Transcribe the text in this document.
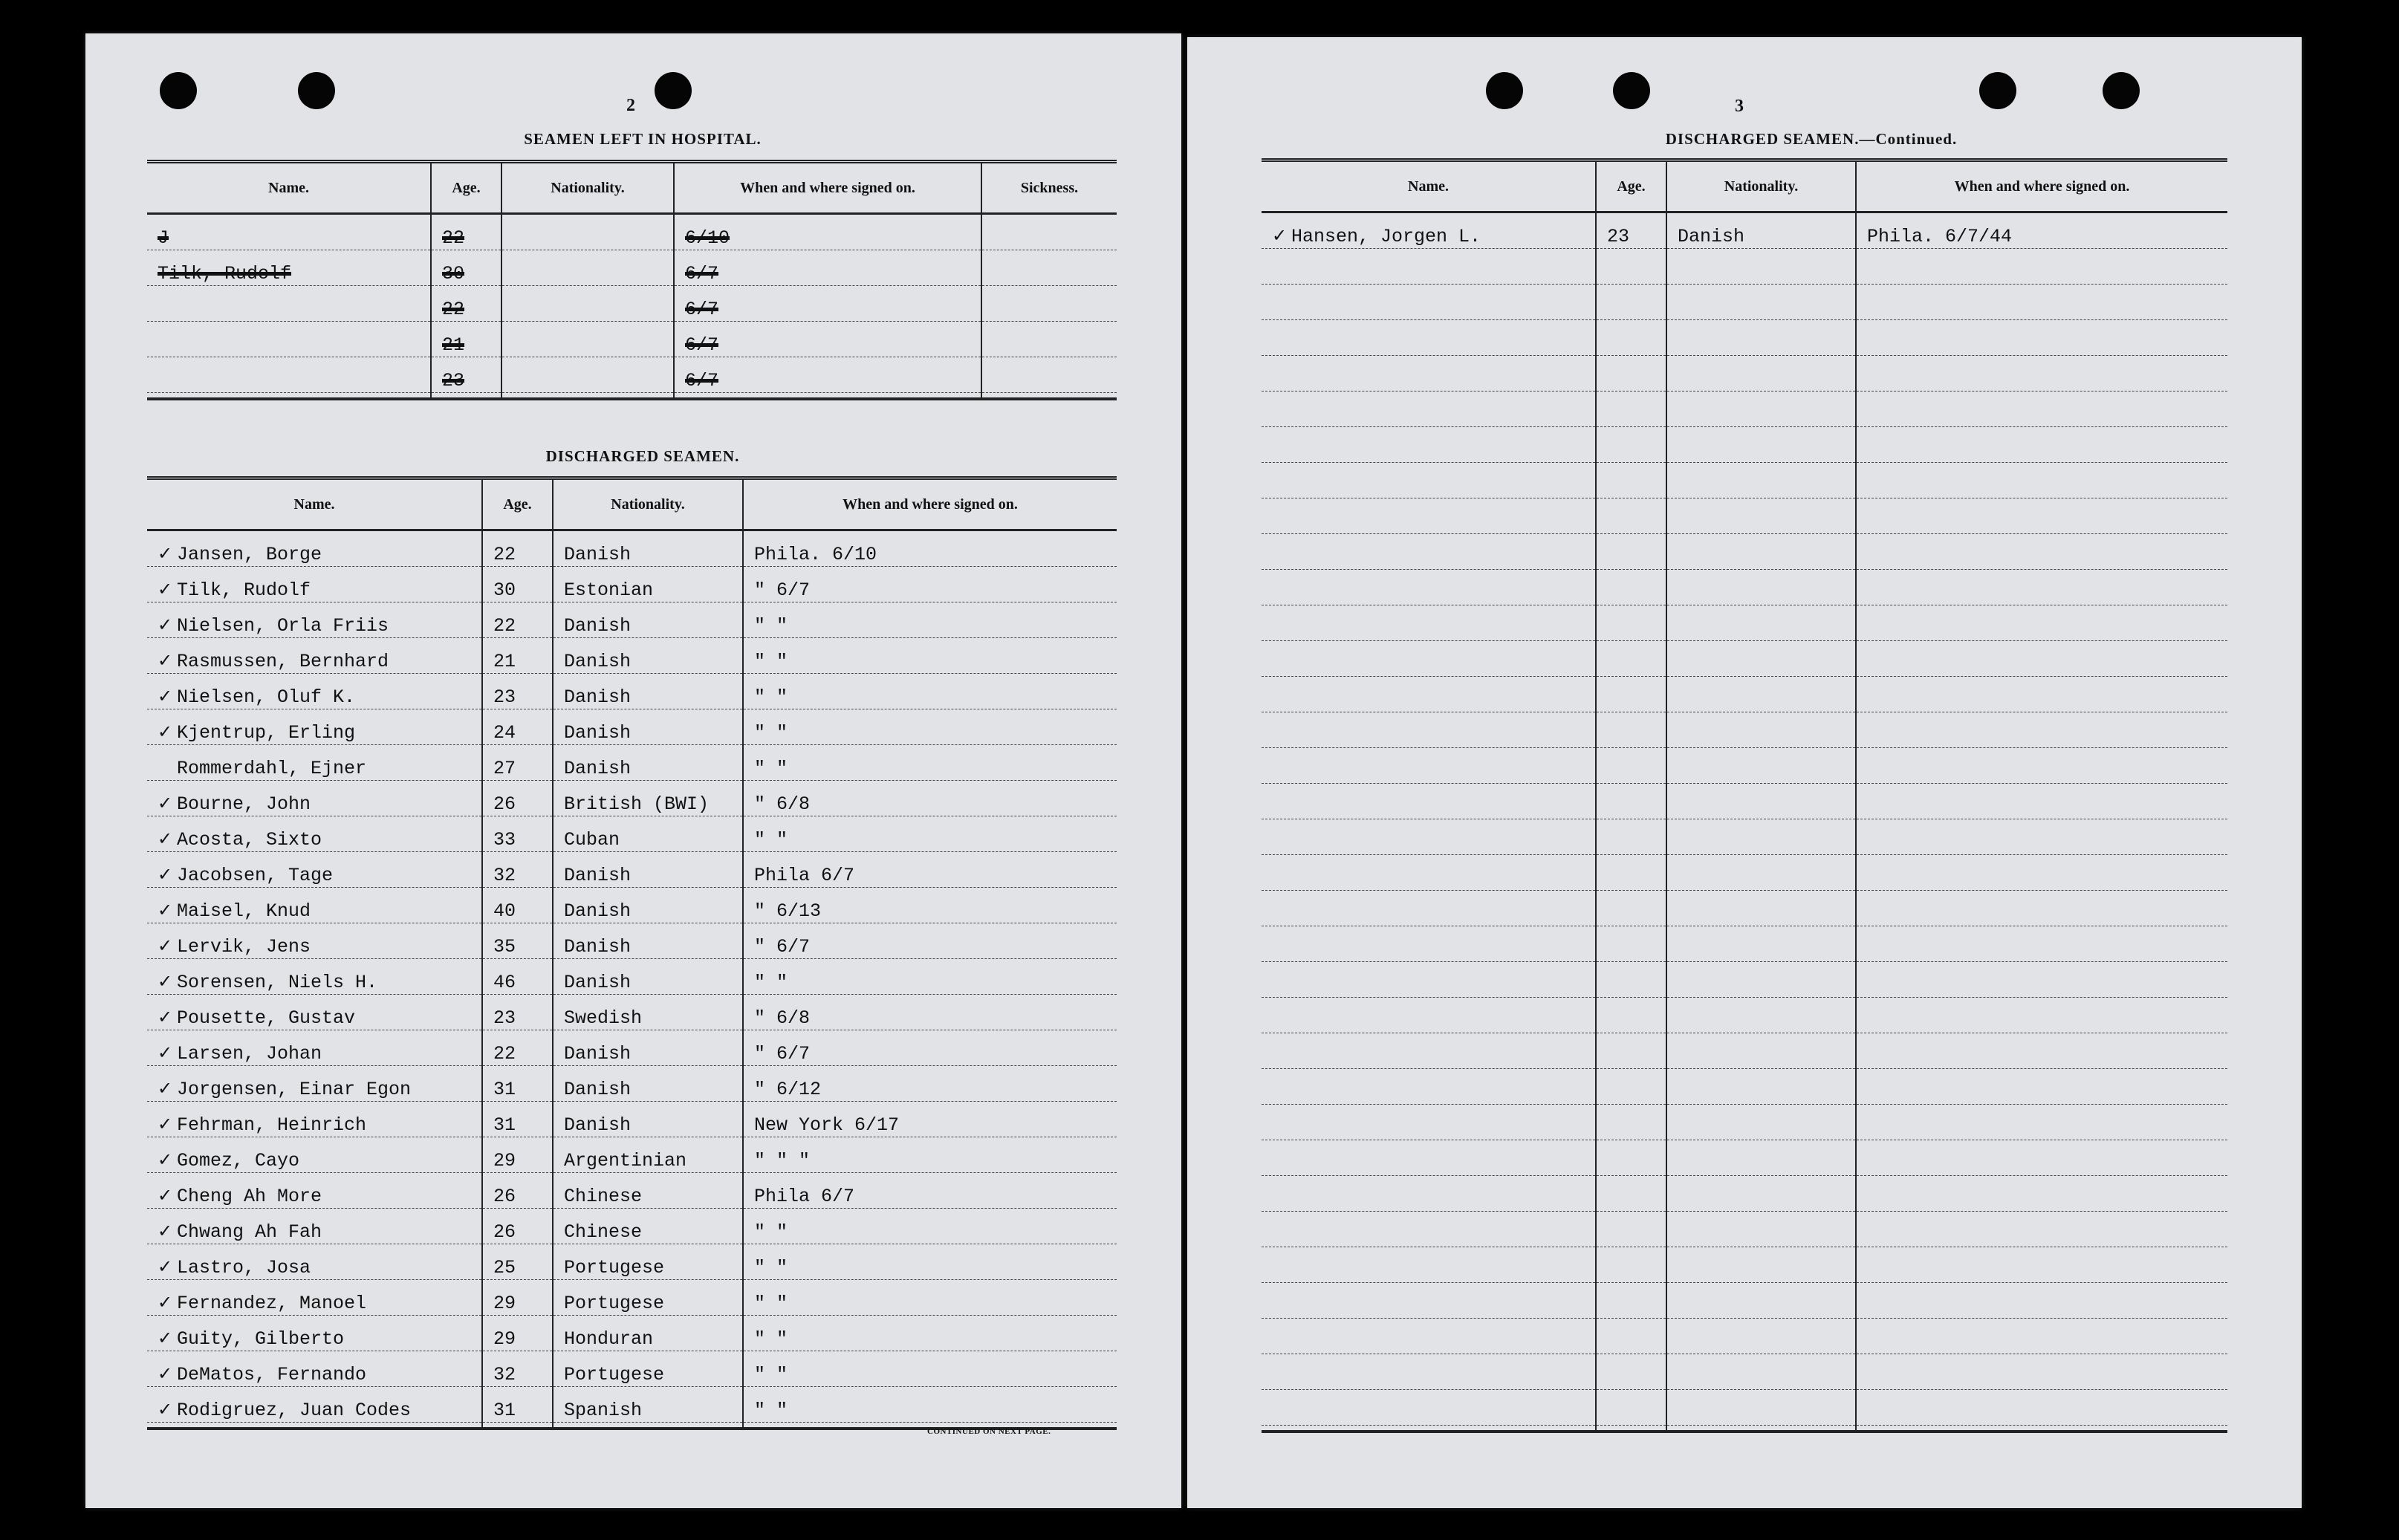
2
SEAMEN LEFT IN HOSPITAL.
Name.	Age.	Nationality.	When and where signed on.	Sickness.
J	22		6/10	
Tilk, Rudolf	30		6/7	
	22		6/7	
	21		6/7	
	23		6/7	

DISCHARGED SEAMEN.
Name.	Age.	Nationality.	When and where signed on.
✓ Jansen, Borge	22	Danish	Phila. 6/10
✓ Tilk, Rudolf	30	Estonian	" 6/7
✓ Nielsen, Orla Friis	22	Danish	" "
✓ Rasmussen, Bernhard	21	Danish	" "
✓ Nielsen, Oluf K.	23	Danish	" "
✓ Kjentrup, Erling	24	Danish	" "
Rommerdahl, Ejner	27	Danish	" "
✓ Bourne, John	26	British (BWI)	" 6/8
✓ Acosta, Sixto	33	Cuban	" "
✓ Jacobsen, Tage	32	Danish	Phila 6/7
✓ Maisel, Knud	40	Danish	" 6/13
✓ Lervik, Jens	35	Danish	" 6/7
✓ Sorensen, Niels H.	46	Danish	" "
✓ Pousette, Gustav	23	Swedish	" 6/8
✓ Larsen, Johan	22	Danish	" 6/7
✓ Jorgensen, Einar Egon	31	Danish	" 6/12
✓ Fehrman, Heinrich	31	Danish	New York 6/17
✓ Gomez, Cayo	29	Argentinian	" " "
✓ Cheng Ah More	26	Chinese	Phila 6/7
✓ Chwang Ah Fah	26	Chinese	" "
✓ Lastro, Josa	25	Portugese	" "
✓ Fernandez, Manoel	29	Portugese	" "
✓ Guity, Gilberto	29	Honduran	" "
✓ DeMatos, Fernando	32	Portugese	" "
✓ Rodigruez, Juan Codes	31	Spanish	" "

CONTINUED ON NEXT PAGE.
3
DISCHARGED SEAMEN.—Continued.
Name.	Age.	Nationality.	When and where signed on.
✓ Hansen, Jorgen L.	23	Danish	Phila. 6/7/44
